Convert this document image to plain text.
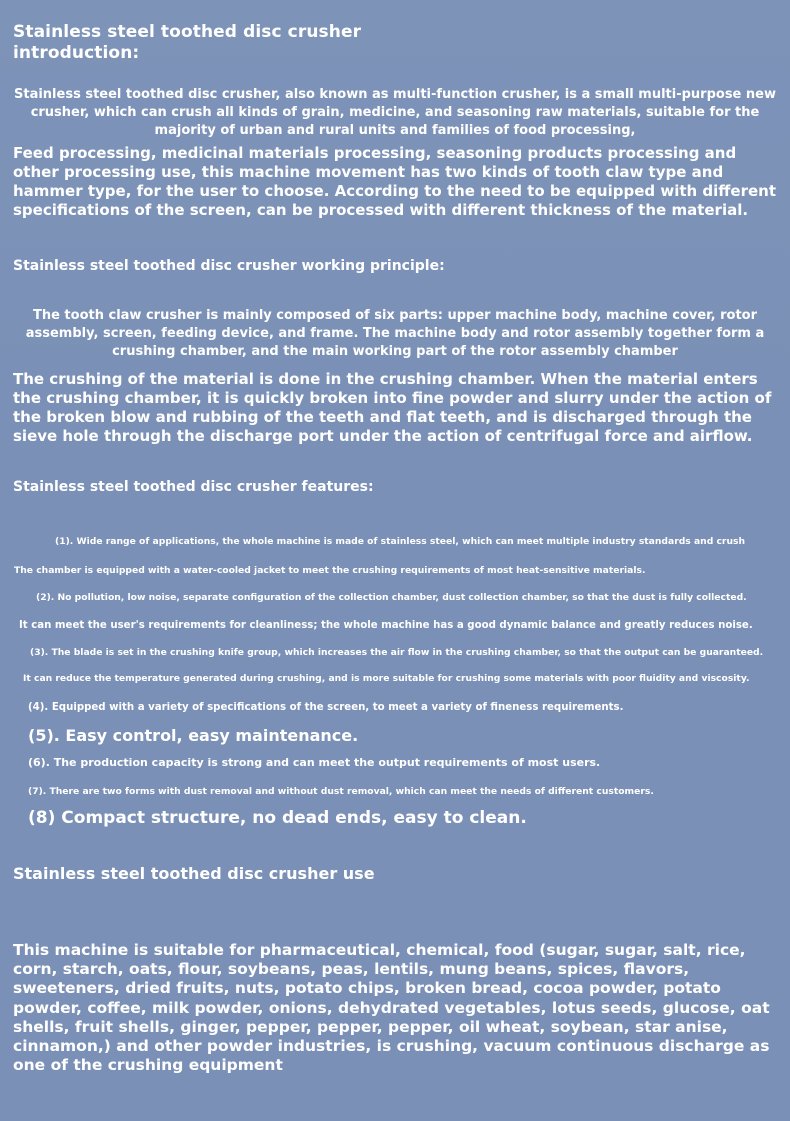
Stainless steel toothed disc crusher
introduction:
Stainless steel toothed disc crusher, also known as multi-function crusher, is a small multi-purpose new crusher, which can crush all kinds of grain, medicine, and seasoning raw materials, suitable for the majority of urban and rural units and families of food processing,
Feed processing, medicinal materials processing, seasoning products processing and other processing use, this machine movement has two kinds of tooth claw type and hammer type, for the user to choose. According to the need to be equipped with different specifications of the screen, can be processed with different thickness of the material.
Stainless steel toothed disc crusher working principle:
The tooth claw crusher is mainly composed of six parts: upper machine body, machine cover, rotor assembly, screen, feeding device, and frame. The machine body and rotor assembly together form a crushing chamber, and the main working part of the rotor assembly chamber
The crushing of the material is done in the crushing chamber. When the material enters the crushing chamber, it is quickly broken into fine powder and slurry under the action of the broken blow and rubbing of the teeth and flat teeth, and is discharged through the sieve hole through the discharge port under the action of centrifugal force and airflow.
Stainless steel toothed disc crusher features:
(1). Wide range of applications, the whole machine is made of stainless steel, which can meet multiple industry standards and crush
The chamber is equipped with a water-cooled jacket to meet the crushing requirements of most heat-sensitive materials.
(2). No pollution, low noise, separate configuration of the collection chamber, dust collection chamber, so that the dust is fully collected.
It can meet the user's requirements for cleanliness; the whole machine has a good dynamic balance and greatly reduces noise.
(3). The blade is set in the crushing knife group, which increases the air flow in the crushing chamber, so that the output can be guaranteed.
It can reduce the temperature generated during crushing, and is more suitable for crushing some materials with poor fluidity and viscosity.
(4). Equipped with a variety of specifications of the screen, to meet a variety of fineness requirements.
(5). Easy control, easy maintenance.
(6). The production capacity is strong and can meet the output requirements of most users.
(7). There are two forms with dust removal and without dust removal, which can meet the needs of different customers.
(8) Compact structure, no dead ends, easy to clean.
Stainless steel toothed disc crusher use
This machine is suitable for pharmaceutical, chemical, food (sugar, sugar, salt, rice, corn, starch, oats, flour, soybeans, peas, lentils, mung beans, spices, flavors, sweeteners, dried fruits, nuts, potato chips, broken bread, cocoa powder, potato powder, coffee, milk powder, onions, dehydrated vegetables, lotus seeds, glucose, oat shells, fruit shells, ginger, pepper, pepper, pepper, oil wheat, soybean, star anise, cinnamon,) and other powder industries, is crushing, vacuum continuous discharge as one of the crushing equipment
